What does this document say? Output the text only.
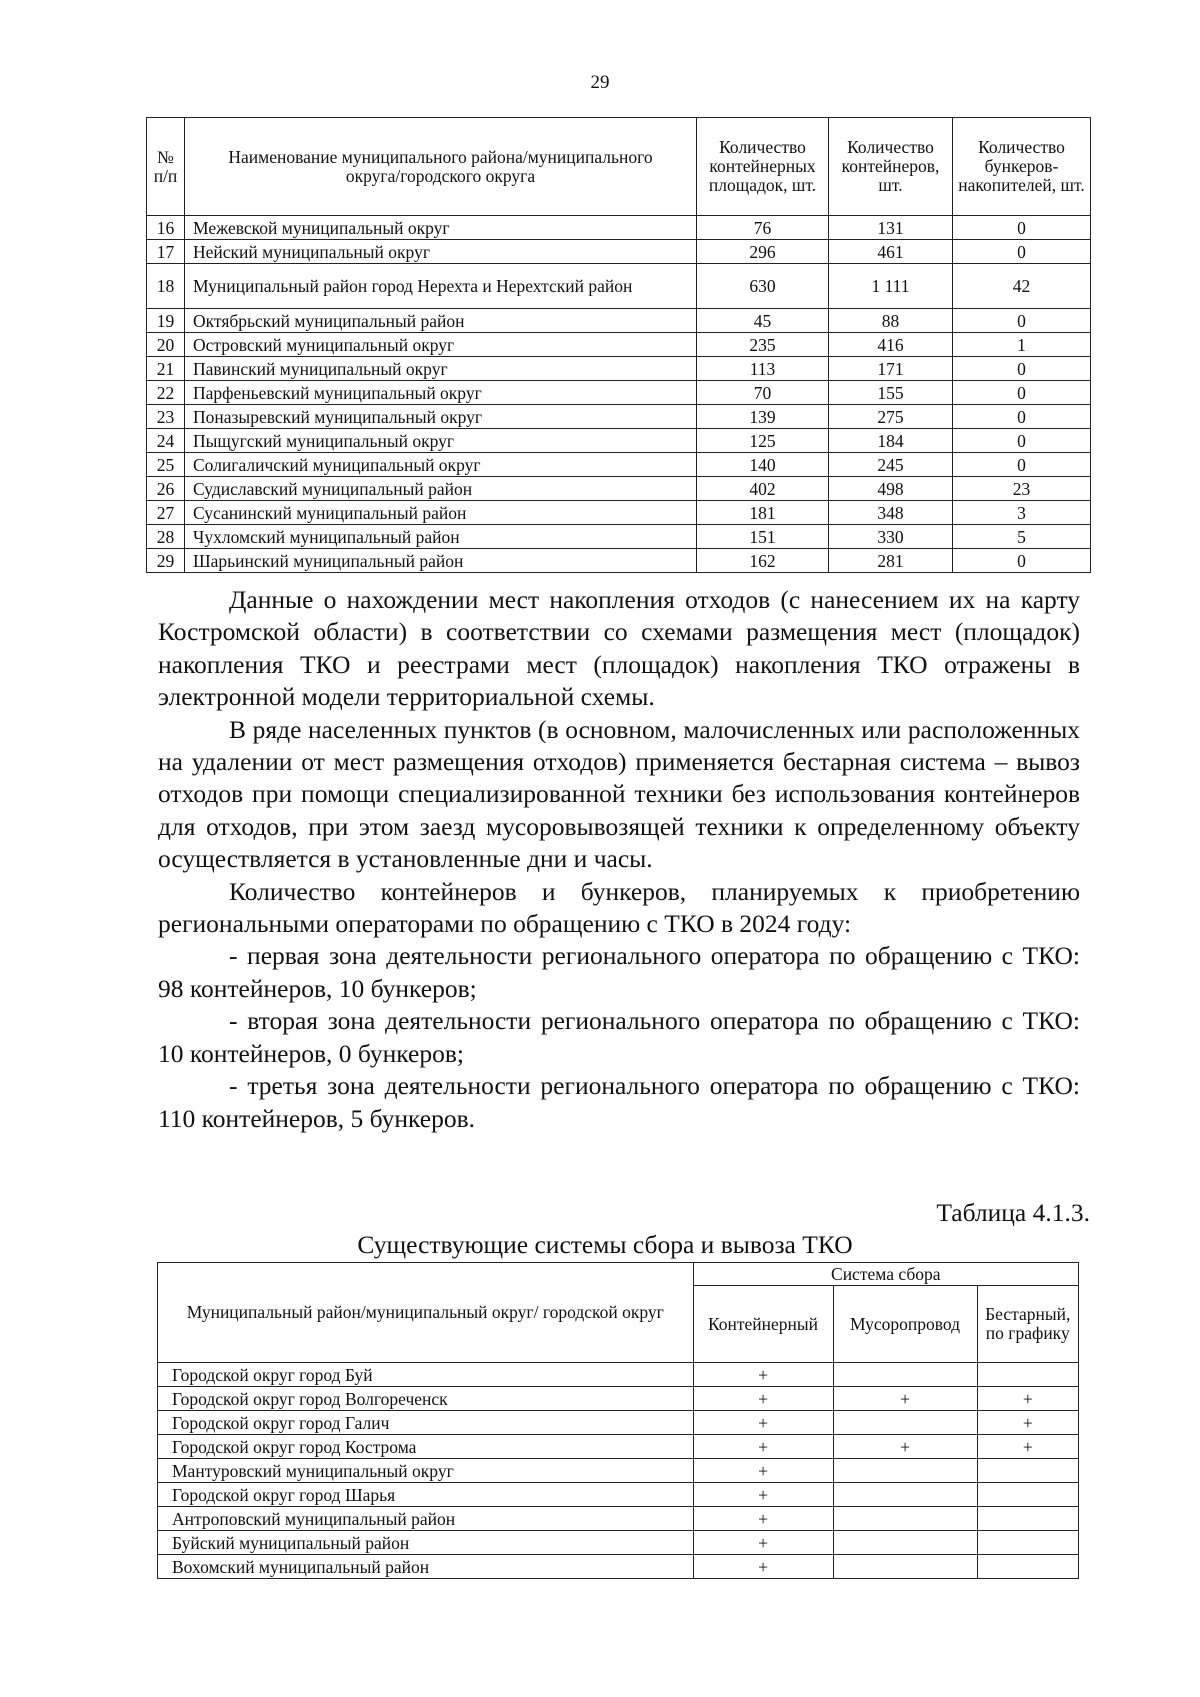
29
№ п/п	Наименование муниципального района/муниципального округа/городского округа	Количество контейнерных площадок, шт.	Количество контейнеров, шт.	Количество бункеров-накопителей, шт.
16	Межевской муниципальный округ	76	131	0
17	Нейский муниципальный округ	296	461	0
18	Муниципальный район город Нерехта и Нерехтский район	630	1 111	42
19	Октябрьский муниципальный район	45	88	0
20	Островский муниципальный округ	235	416	1
21	Павинский муниципальный округ	113	171	0
22	Парфеньевский муниципальный округ	70	155	0
23	Поназыревский муниципальный округ	139	275	0
24	Пыщугский муниципальный округ	125	184	0
25	Солигаличский муниципальный округ	140	245	0
26	Судиславский муниципальный район	402	498	23
27	Сусанинский муниципальный район	181	348	3
28	Чухломский муниципальный район	151	330	5
29	Шарьинский муниципальный район	162	281	0

Данные о нахождении мест накопления отходов (с нанесением их на карту Костромской области) в соответствии со схемами размещения мест (площадок) накопления ТКО и реестрами мест (площадок) накопления ТКО отражены в электронной модели территориальной схемы.

В ряде населенных пунктов (в основном, малочисленных или расположенных на удалении от мест размещения отходов) применяется бестарная система – вывоз отходов при помощи специализированной техники без использования контейнеров для отходов, при этом заезд мусоровывозящей техники к определенному объекту осуществляется в установленные дни и часы.

Количество контейнеров и бункеров, планируемых к приобретению региональными операторами по обращению с ТКО в 2024 году:

- первая зона деятельности регионального оператора по обращению с ТКО: 98 контейнеров, 10 бункеров;

- вторая зона деятельности регионального оператора по обращению с ТКО: 10 контейнеров, 0 бункеров;

- третья зона деятельности регионального оператора по обращению с ТКО: 110 контейнеров, 5 бункеров.

Таблица 4.1.3.
Существующие системы сбора и вывоза ТКО
Муниципальный район/муниципальный округ/ городской округ	Система сбора		
	Контейнерный	Мусоропровод	Бестарный, по графику
Городской округ город Буй	+		
Городской округ город Волгореченск	+	+	+
Городской округ город Галич	+		+
Городской округ город Кострома	+	+	+
Мантуровский муниципальный округ	+		
Городской округ город Шарья	+		
Антроповский муниципальный район	+		
Буйский муниципальный район	+		
Вохомский муниципальный район	+		
